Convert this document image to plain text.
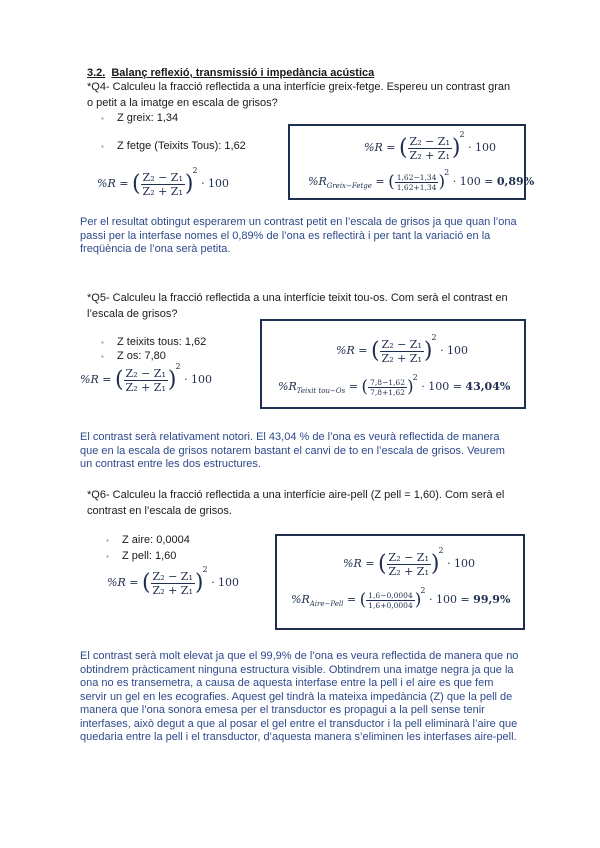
3.2. Balanç reflexió, transmissió i impedància acústica
*Q4- Calculeu la fracció reflectida a una interfície greix-fetge. Espereu un contrast gran o petit a la imatge en escala de grisos?
▪ Z greix: 1,34
▪ Z fetge (Teixits Tous): 1,62
%R = ( $\frac{\text{Z₂ − Z₁}}{\text{Z₂ + Z₁}} )^2 \cdot 100$
%R = ( $\frac{\text{Z₂ − Z₁}}{\text{Z₂ + Z₁}} )^2 \cdot 100$
$\%R_{Greix-Fetge}$ = ( $\frac{1,62-1,34}{1,62+1,34} )^2 \cdot 100 = 0,89\%$
Per el resultat obtingut esperarem un contrast petit en l’escala de grisos ja que quan l’ona passi per la interfase nomes el 0,89% de l’ona es reflectirà i per tant la variació en la freqüència de l’ona serà petita.
*Q5- Calculeu la fracció reflectida a una interfície teixit tou-os. Com serà el contrast en l’escala de grisos?
▪ Z teixits tous: 1,62
▪ Z os: 7,80
%R = ( $\frac{\text{Z₂ − Z₁}}{\text{Z₂ + Z₁}} )^2 \cdot 100$
%R = ( $\frac{\text{Z₂ − Z₁}}{\text{Z₂ + Z₁}} )^2 \cdot 100$
$\%R_{Teixit tou-Os}$ = ( $\frac{7,8-1,62}{7,8+1,62} )^2 \cdot 100 = 43,04\%$
El contrast serà relativament notori. El 43,04 % de l’ona es veurà reflectida de manera que en la escala de grisos notarem bastant el canvi de to en l’escala de grisos. Veurem un contrast entre les dos estructures.
*Q6- Calculeu la fracció reflectida a una interfície aire-pell (Z pell = 1,60). Com serà el contrast en l’escala de grisos.
▪ Z aire: 0,0004
▪ Z pell: 1,60
%R = ( $\frac{\text{Z₂ − Z₁}}{\text{Z₂ + Z₁}} )^2 \cdot 100$
%R = ( $\frac{\text{Z₂ − Z₁}}{\text{Z₂ + Z₁}} )^2 \cdot 100$
$\%R_{Aire-Pell}$ = ( $\frac{1,6-0,0004}{1,6+0,0004} )^2 \cdot 100 = 99,9\%$
El contrast serà molt elevat ja que el 99,9% de l’ona es veura reflectida de manera que no obtindrem pràcticament ninguna estructura visible. Obtindrem una imatge negra ja que la ona no es transemetra, a causa de aquesta interfase entre la pell i el aire es que fem servir un gel en les ecografies. Aquest gel tindrà la mateixa impedància (Z) que la pell de manera que l’ona sonora emesa per el transductor es propagui a la pell sense tenir interfases, això degut a que al posar el gel entre el transductor i la pell eliminarà l’aire que quedaria entre la pell i el transductor, d’aquesta manera s’eliminen les interfases aire-pell.
